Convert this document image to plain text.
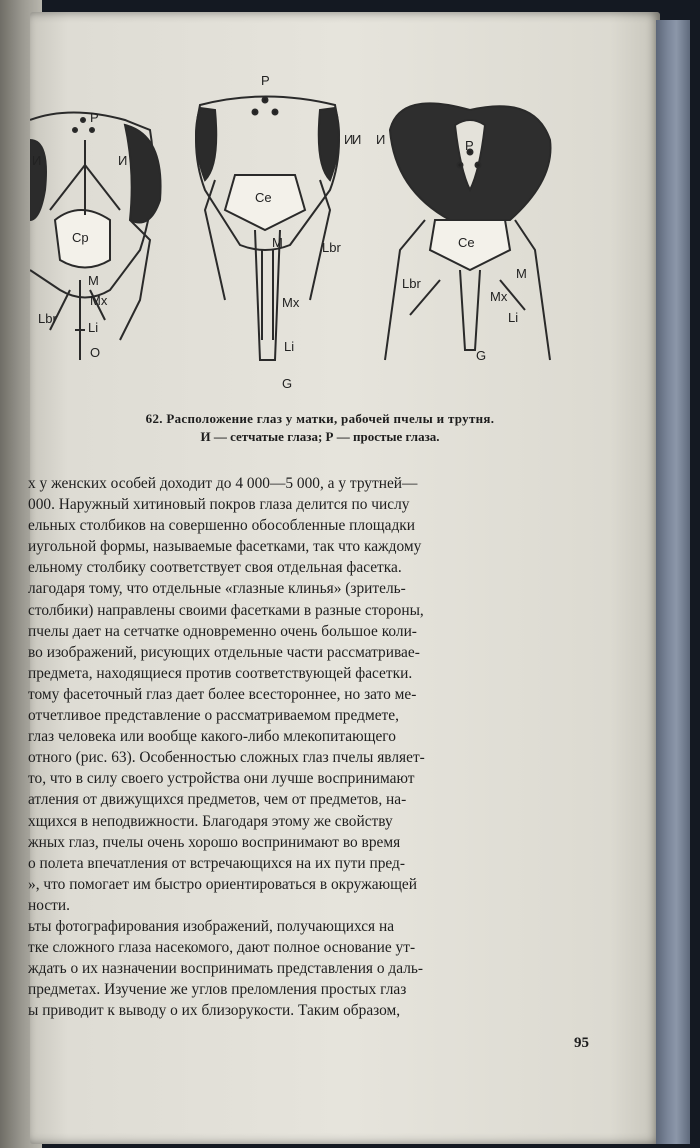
P
И	И
Cp
M
Mx
Lbr
Li
O
P
И
Ce
M	Lbr
Mx
Li
G
И И	P
Ce
Lbr
M
Mx
Li
G
62. Расположение глаз у матки, рабочей пчелы и трутня.
И — сетчатые глаза; Р — простые глаза.
х у женских особей доходит до 4 000—5 000, а у трутней—
000. Наружный хитиновый покров глаза делится по числу
ельных столбиков на совершенно обособленные площадки
иугольной формы, называемые фасетками, так что каждому
ельному столбику соответствует своя отдельная фасетка.
лагодаря тому, что отдельные «глазные клинья» (зритель-
столбики) направлены своими фасетками в разные стороны,
пчелы дает на сетчатке одновременно очень большое коли-
во изображений, рисующих отдельные части рассматривае-
предмета, находящиеся против соответствующей фасетки.
тому фасеточный глаз дает более всестороннее, но зато ме-
отчетливое представление о рассматриваемом предмете,
глаз человека или вообще какого-либо млекопитающего
отного (рис. 63). Особенностью сложных глаз пчелы являет-
то, что в силу своего устройства они лучше воспринимают
атления от движущихся предметов, чем от предметов, на-
хщихся в неподвижности. Благодаря этому же свойству
жных глаз, пчелы очень хорошо воспринимают во время
о полета впечатления от встречающихся на их пути пред-
», что помогает им быстро ориентироваться в окружающей
ности.
ьты фотографирования изображений, получающихся на
тке сложного глаза насекомого, дают полное основание ут-
ждать о их назначении воспринимать представления о даль-
предметах. Изучение же углов преломления простых глаз
ы приводит к выводу о их близорукости. Таким образом,
95
